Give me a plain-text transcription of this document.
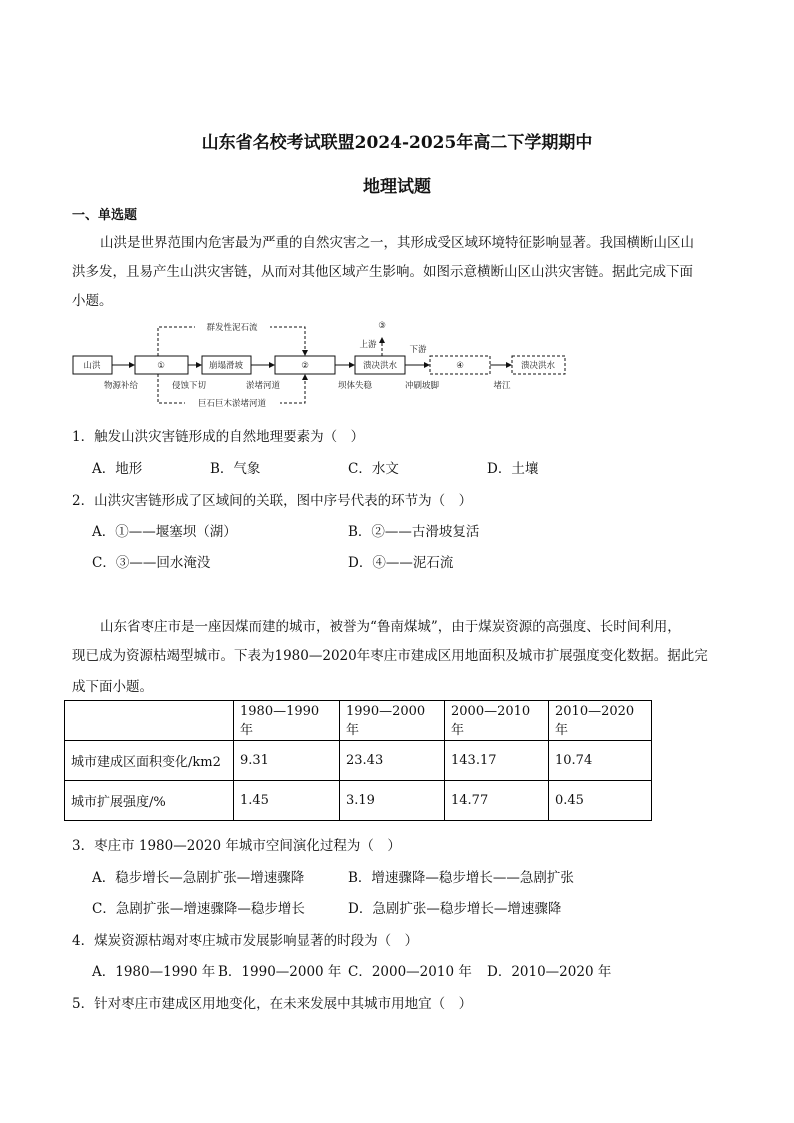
山东省名校考试联盟2024-2025年高二下学期期中
地理试题
一、单选题
山洪是世界范围内危害最为严重的自然灾害之一，其形成受区域环境特征影响显著。我国横断山区山
洪多发，且易产生山洪灾害链，从而对其他区域产生影响。如图示意横断山区山洪灾害链。据此完成下面
小题。
山洪	①	崩塌滑坡	②	溃决洪水	④	溃决洪水
物源补给	侵蚀下切	淤堵河道	坝体失稳	冲刷坡脚	堵江
群发性泥石流
巨石巨木淤堵河道
③
上游	下游
1．触发山洪灾害链形成的自然地理要素为（　）
A．地形	B．气象	C．水文	D．土壤
2．山洪灾害链形成了区域间的关联，图中序号代表的环节为（　）
A．①——堰塞坝（湖）	B．②——古滑坡复活
C．③——回水淹没	D．④——泥石流
山东省枣庄市是一座因煤而建的城市，被誉为“鲁南煤城”，由于煤炭资源的高强度、长时间利用，
现已成为资源枯竭型城市。下表为1980—2020年枣庄市建成区用地面积及城市扩展强度变化数据。据此完
成下面小题。
	1980—1990 年	1990—2000 年	2000—2010 年	2010—2020 年
城市建成区面积变化/km2	9.31	23.43	143.17	10.74
城市扩展强度/%	1.45	3.19	14.77	0.45
3．枣庄市 1980—2020 年城市空间演化过程为（　）
A．稳步增长—急剧扩张—增速骤降	B．增速骤降—稳步增长——急剧扩张
C．急剧扩张—增速骤降—稳步增长	D．急剧扩张—稳步增长—增速骤降
4．煤炭资源枯竭对枣庄城市发展影响显著的时段为（　）
A．1980—1990 年 B．1990—2000 年 C．2000—2010 年 D．2010—2020 年
5．针对枣庄市建成区用地变化，在未来发展中其城市用地宜（　）
